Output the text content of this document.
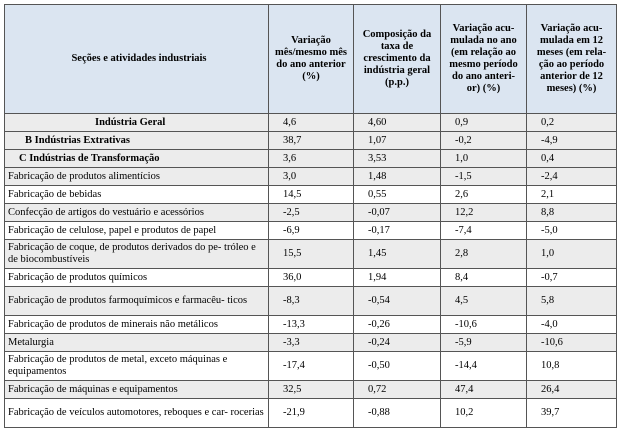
Seções e atividades industriais	Variação mês/mesmo mês do ano anterior (%)	Composição da taxa de crescimento da indústria geral (p.p.)	Variação acu- mulada no ano (em relação ao mesmo período do ano anteri- or) (%)	Variação acu- mulada em 12 meses (em rela- ção ao período anterior de 12 meses) (%)
Indústria Geral	4,6	4,60	0,9	0,2
B Indústrias Extrativas	38,7	1,07	-0,2	-4,9
C Indústrias de Transformação	3,6	3,53	1,0	0,4
Fabricação de produtos alimentícios	3,0	1,48	-1,5	-2,4
Fabricação de bebidas	14,5	0,55	2,6	2,1
Confecção de artigos do vestuário e acessórios	-2,5	-0,07	12,2	8,8
Fabricação de celulose, papel e produtos de papel	-6,9	-0,17	-7,4	-5,0
Fabricação de coque, de produtos derivados do pe- tróleo e de biocombustíveis	15,5	1,45	2,8	1,0
Fabricação de produtos químicos	36,0	1,94	8,4	-0,7
Fabricação de produtos farmoquímicos e farmacêu- ticos	-8,3	-0,54	4,5	5,8
Fabricação de produtos de minerais não metálicos	-13,3	-0,26	-10,6	-4,0
Metalurgia	-3,3	-0,24	-5,9	-10,6
Fabricação de produtos de metal, exceto máquinas e equipamentos	-17,4	-0,50	-14,4	10,8
Fabricação de máquinas e equipamentos	32,5	0,72	47,4	26,4
Fabricação de veículos automotores, reboques e car- rocerias	-21,9	-0,88	10,2	39,7
